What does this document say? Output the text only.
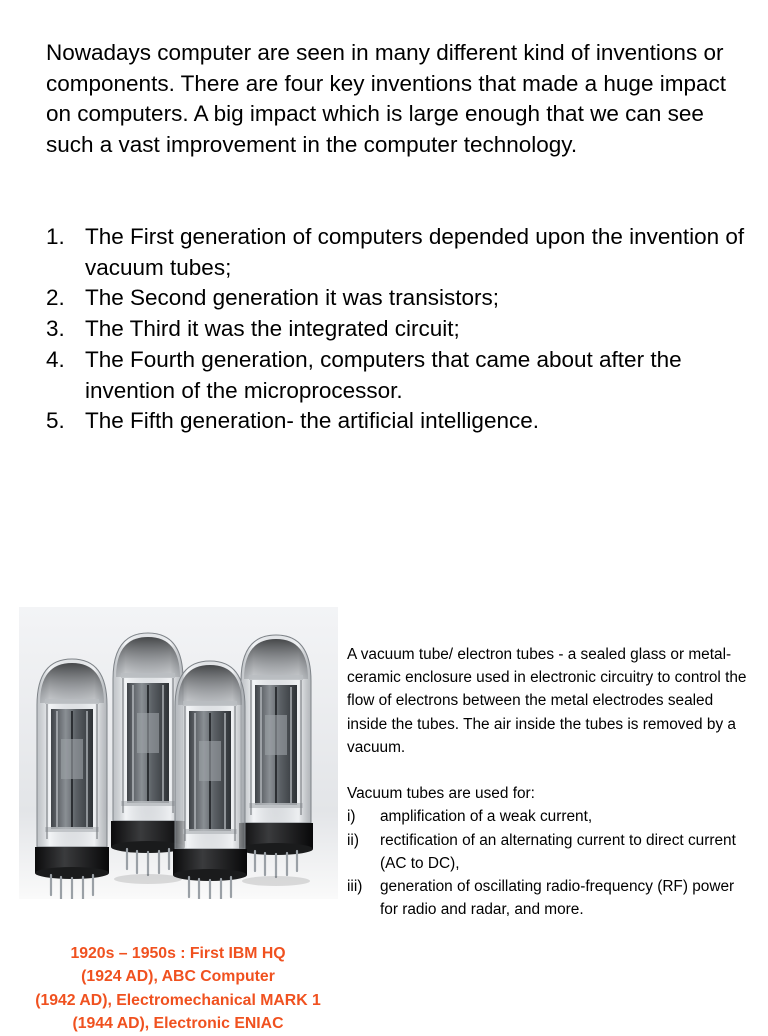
Nowadays computer are seen in many different kind of inventions or components. There are four key inventions that made a huge impact on computers. A big impact which is large enough that we can see such a vast improvement in the computer technology.

1. The First generation of computers depended upon the invention of vacuum tubes;
2. The Second generation it was transistors;
3. The Third it was the integrated circuit;
4. The Fourth generation, computers that came about after the invention of the microprocessor.
5. The Fifth generation- the artificial intelligence.

A vacuum tube/ electron tubes - a sealed glass or metal-ceramic enclosure used in electronic circuitry to control the flow of electrons between the metal electrodes sealed inside the tubes. The air inside the tubes is removed by a vacuum.

Vacuum tubes are used for:

i)	amplification of a weak current,
ii)	rectification of an alternating current to direct current (AC to DC),
iii)	generation of oscillating radio-frequency (RF) power for radio and radar, and more.
1920s – 1950s : First IBM HQ
(1924 AD), ABC Computer
(1942 AD), Electromechanical MARK 1
(1944 AD), Electronic ENIAC
